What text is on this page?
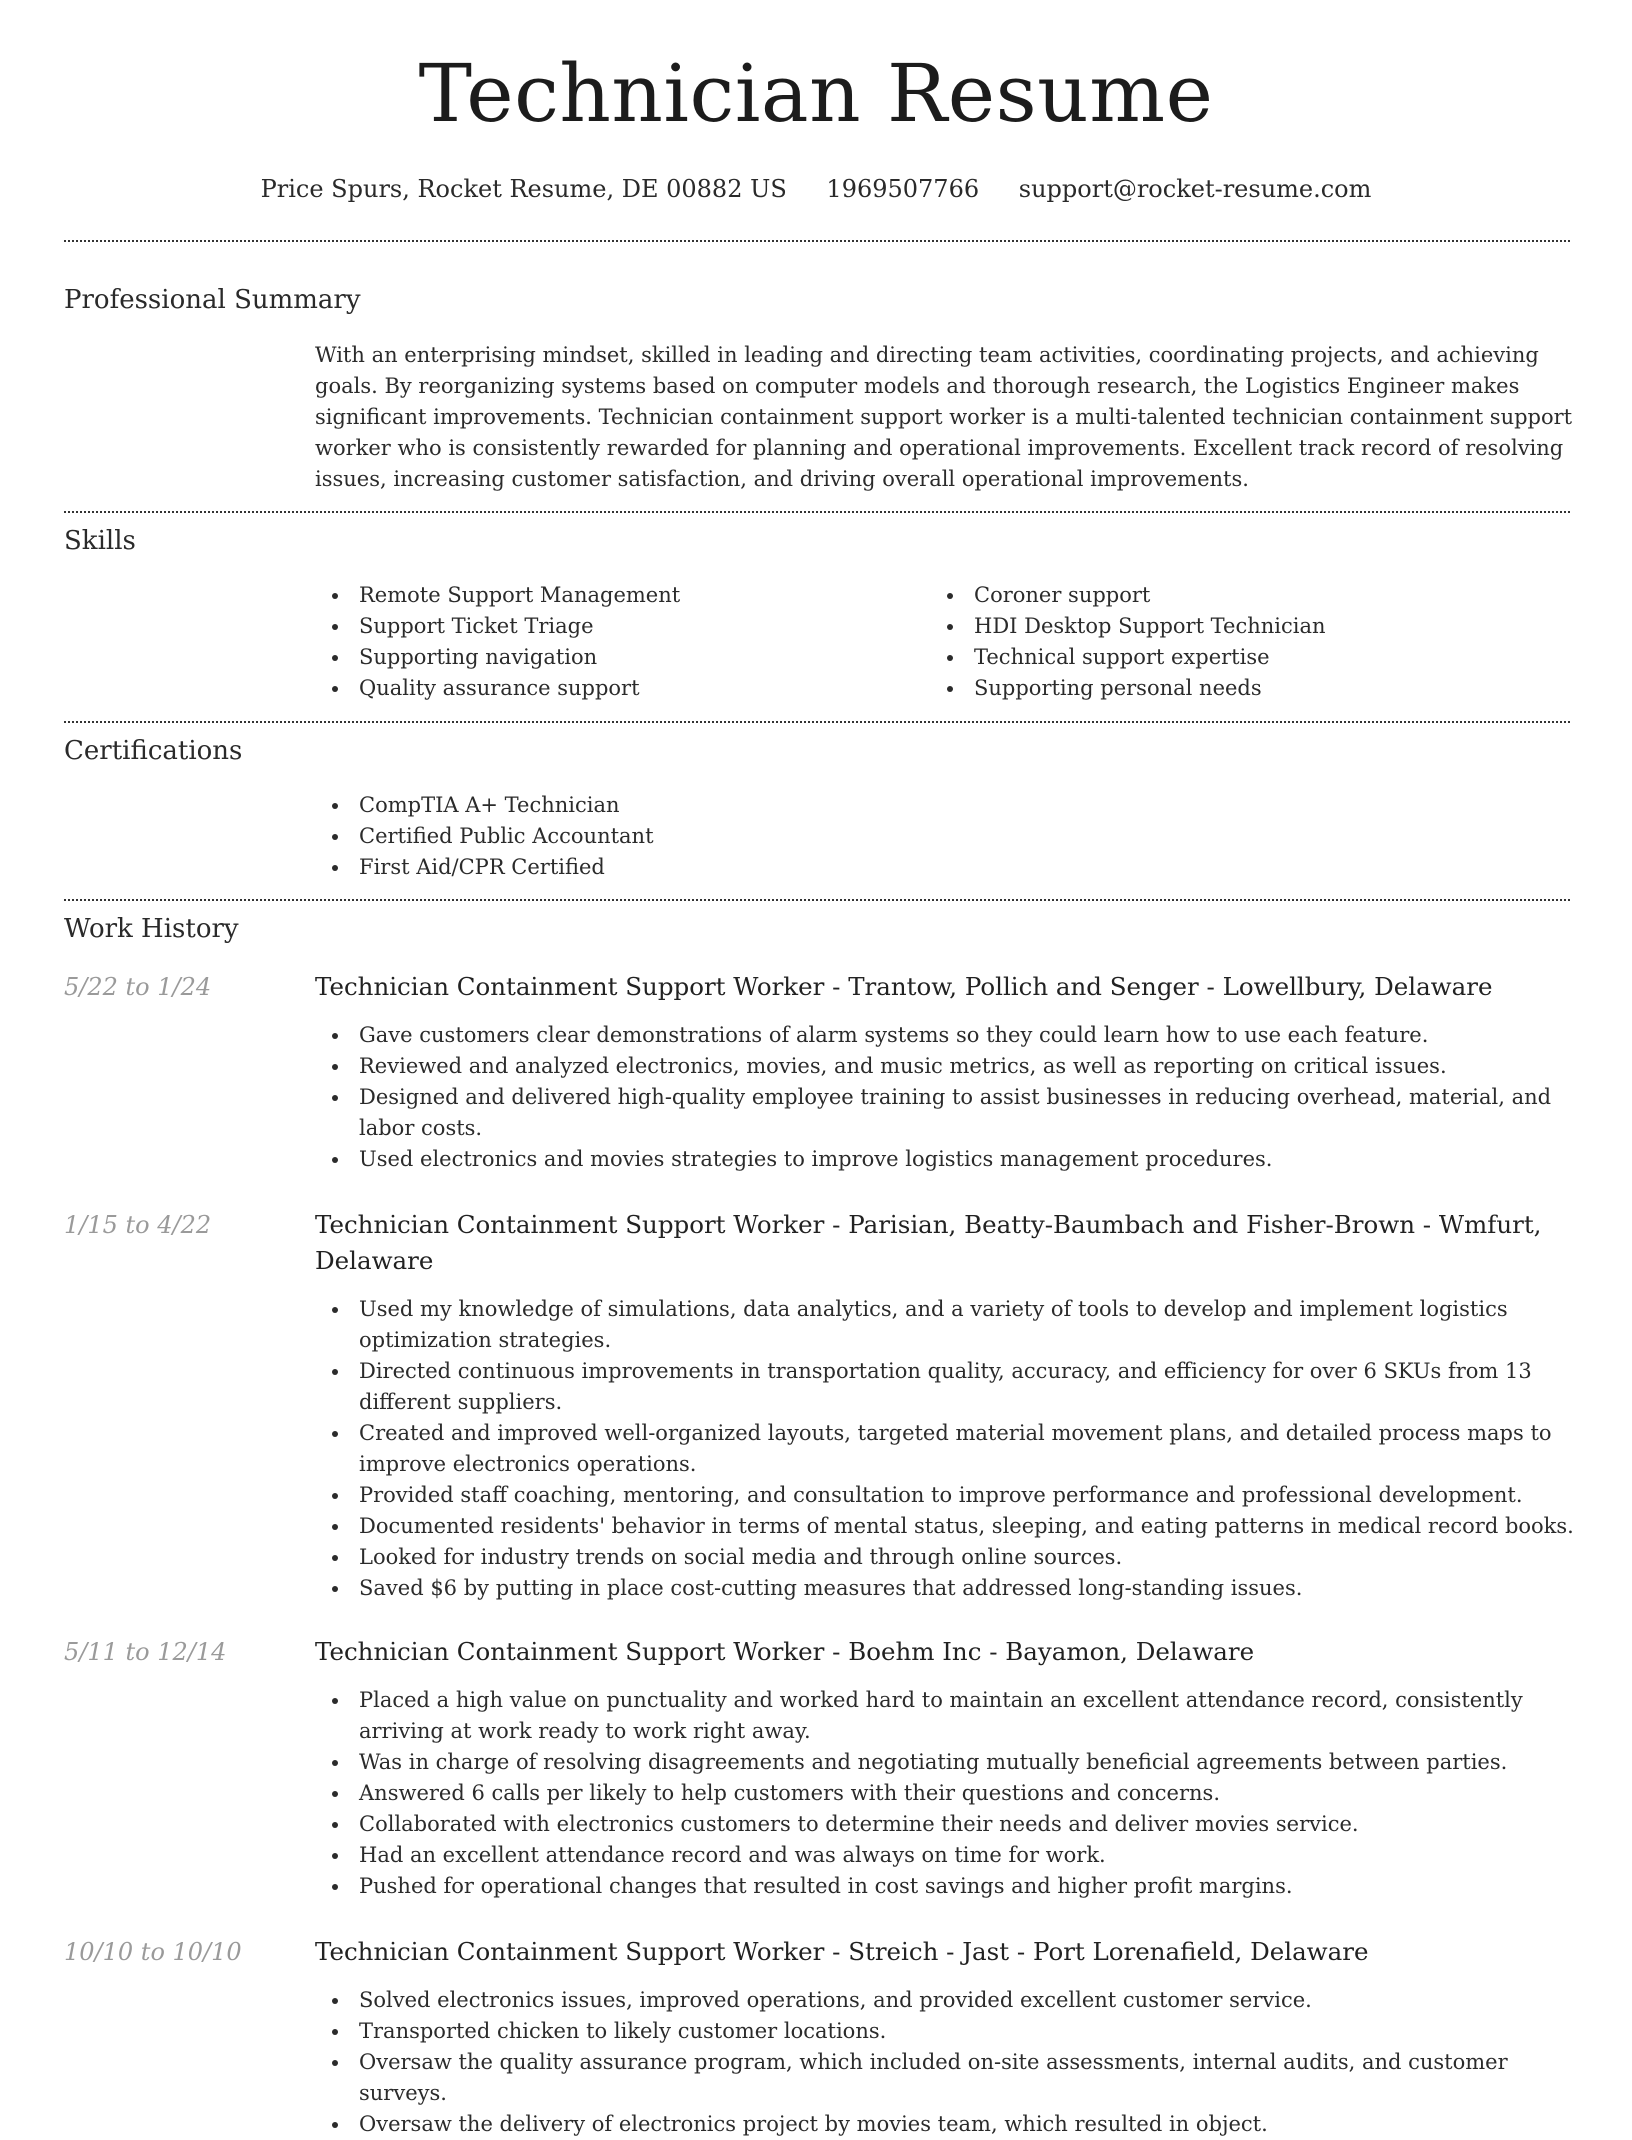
Technician Resume
Price Spurs, Rocket Resume, DE 00882 US 1969507766 support@rocket-resume.com
Professional Summary

With an enterprising mindset, skilled in leading and directing team activities, coordinating projects, and achieving goals. By reorganizing systems based on computer models and thorough research, the Logistics Engineer makes significant improvements. Technician containment support worker is a multi-talented technician containment support worker who is consistently rewarded for planning and operational improvements. Excellent track record of resolving issues, increasing customer satisfaction, and driving overall operational improvements.

Skills
Remote Support Management
Support Ticket Triage
Supporting navigation
Quality assurance support
Coroner support
HDI Desktop Support Technician
Technical support expertise
Supporting personal needs
Certifications
CompTIA A+ Technician
Certified Public Accountant
First Aid/CPR Certified
Work History
5/22 to 1/24	Technician Containment Support Worker - Trantow, Pollich and Senger - Lowellbury, Delaware
Gave customers clear demonstrations of alarm systems so they could learn how to use each feature.
Reviewed and analyzed electronics, movies, and music metrics, as well as reporting on critical issues.
Designed and delivered high-quality employee training to assist businesses in reducing overhead, material, and labor costs.
Used electronics and movies strategies to improve logistics management procedures.
1/15 to 4/22	Technician Containment Support Worker - Parisian, Beatty-Baumbach and Fisher-Brown - Wmfurt, Delaware
Used my knowledge of simulations, data analytics, and a variety of tools to develop and implement logistics optimization strategies.
Directed continuous improvements in transportation quality, accuracy, and efficiency for over 6 SKUs from 13 different suppliers.
Created and improved well-organized layouts, targeted material movement plans, and detailed process maps to improve electronics operations.
Provided staff coaching, mentoring, and consultation to improve performance and professional development.
Documented residents' behavior in terms of mental status, sleeping, and eating patterns in medical record books.
Looked for industry trends on social media and through online sources.
Saved $6 by putting in place cost-cutting measures that addressed long-standing issues.
5/11 to 12/14	Technician Containment Support Worker - Boehm Inc - Bayamon, Delaware
Placed a high value on punctuality and worked hard to maintain an excellent attendance record, consistently arriving at work ready to work right away.
Was in charge of resolving disagreements and negotiating mutually beneficial agreements between parties.
Answered 6 calls per likely to help customers with their questions and concerns.
Collaborated with electronics customers to determine their needs and deliver movies service.
Had an excellent attendance record and was always on time for work.
Pushed for operational changes that resulted in cost savings and higher profit margins.
10/10 to 10/10	Technician Containment Support Worker - Streich - Jast - Port Lorenafield, Delaware
Solved electronics issues, improved operations, and provided excellent customer service.
Transported chicken to likely customer locations.
Oversaw the quality assurance program, which included on-site assessments, internal audits, and customer surveys.
Oversaw the delivery of electronics project by movies team, which resulted in object.
